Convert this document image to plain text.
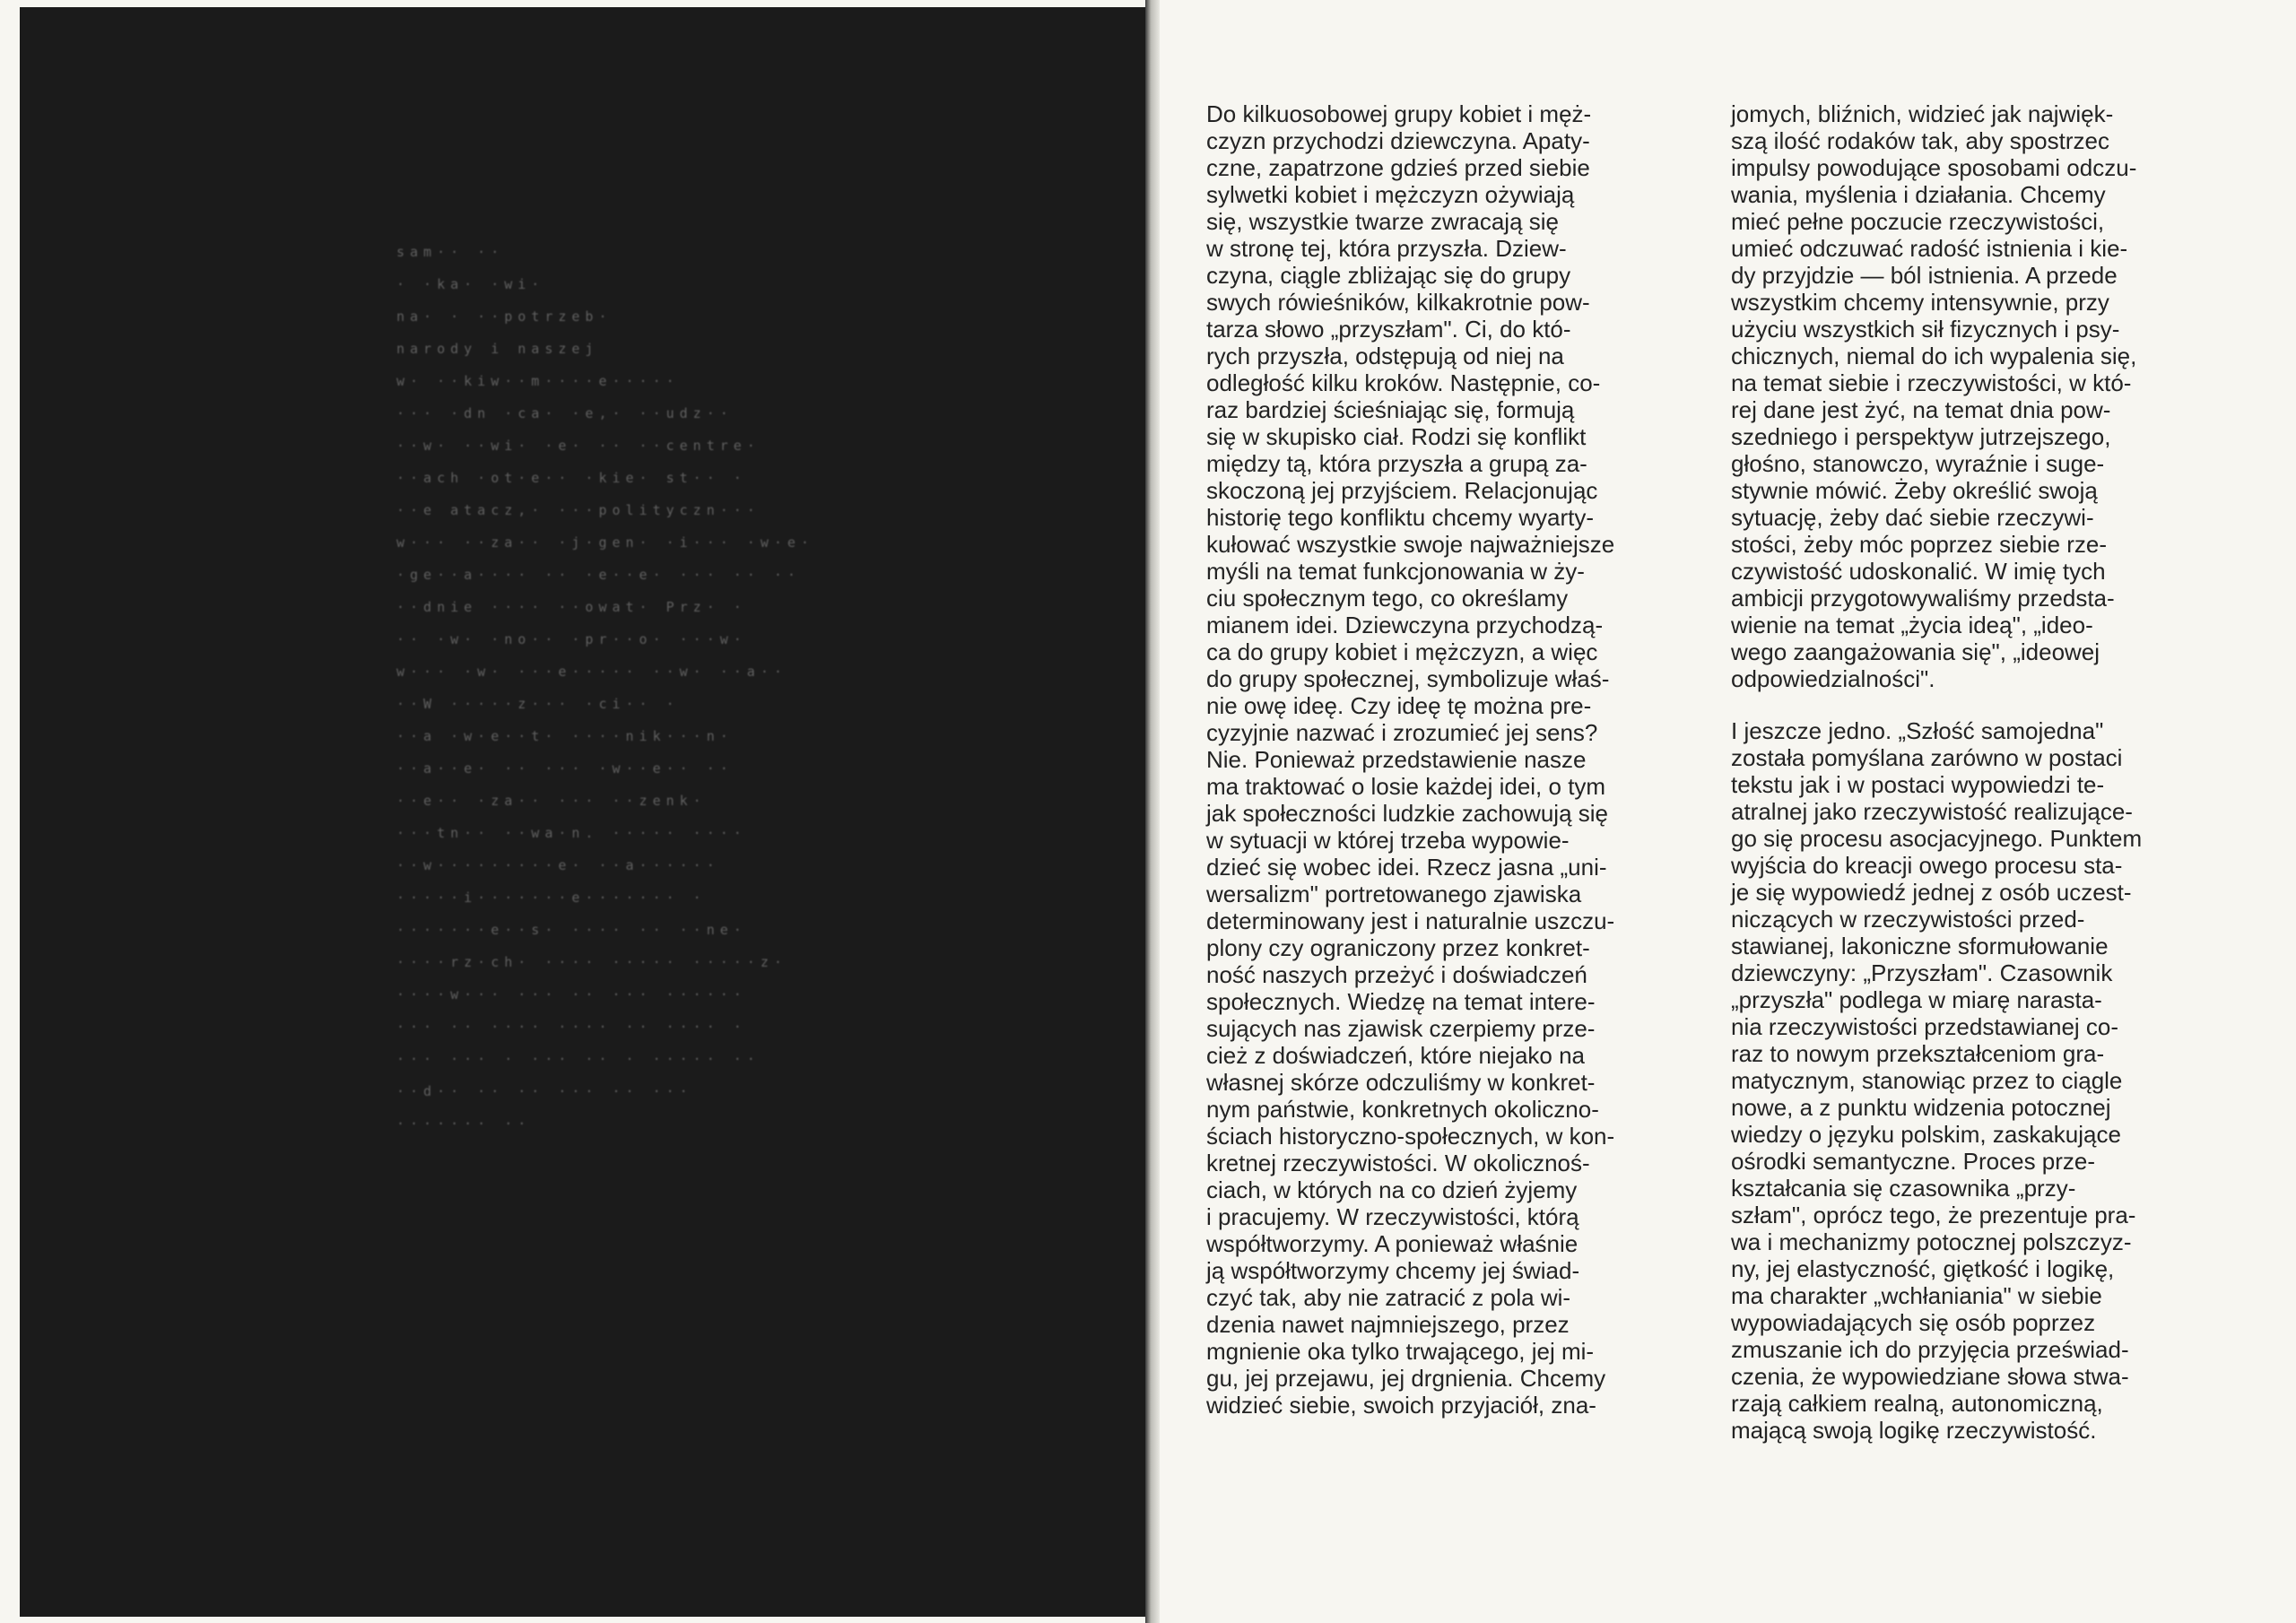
sam·· ··
· ·ka· ·wi·
na· · ··potrzeb·
narody i naszej
w· ··kiw··m····e·····
··· ·dn ·ca· ·e,· ··udz··
··w· ··wi· ·e· ·· ··centre·
··ach ·ot·e·· ·kie· st·· ·
··e atacz,· ···polityczn···
w··· ··za·· ·j·gen· ·i··· ·w·e·
·ge··a···· ·· ·e··e· ··· ·· ··
··dnie ···· ··owat· Prz· ·
·· ·w· ·no·· ·pr··o· ···w·
w··· ·w· ···e····· ··w· ··a··
··W ·····z··· ·ci·· ·
··a ·w·e··t· ····nik···n·
··a··e· ·· ··· ·w··e·· ··
··e·· ·za·· ··· ··zenk·
···tn·· ··wa·n. ····· ····
··w·········e· ··a······
·····i·······e······· ·
·······e··s· ···· ·· ··ne·
····rz·ch· ···· ····· ·····z·
····w··· ··· ·· ··· ······
··· ·· ···· ···· ·· ···· ·
··· ··· · ··· ·· · ····· ··
··d·· ·· ·· ··· ·· ···
······· ··

Do kilkuosobowej grupy kobiet i męż-
czyzn przychodzi dziewczyna. Apaty-
czne, zapatrzone gdzieś przed siebie
sylwetki kobiet i mężczyzn ożywiają
się, wszystkie twarze zwracają się
w stronę tej, która przyszła. Dziew-
czyna, ciągle zbliżając się do grupy
swych rówieśników, kilkakrotnie pow-
tarza słowo „przyszłam". Ci, do któ-
rych przyszła, odstępują od niej na
odległość kilku kroków. Następnie, co-
raz bardziej ścieśniając się, formują
się w skupisko ciał. Rodzi się konflikt
między tą, która przyszła a grupą za-
skoczoną jej przyjściem. Relacjonując
historię tego konfliktu chcemy wyarty-
kułować wszystkie swoje najważniejsze
myśli na temat funkcjonowania w ży-
ciu społecznym tego, co określamy
mianem idei. Dziewczyna przychodzą-
ca do grupy kobiet i mężczyzn, a więc
do grupy społecznej, symbolizuje właś-
nie owę ideę. Czy ideę tę można pre-
cyzyjnie nazwać i zrozumieć jej sens?
Nie. Ponieważ przedstawienie nasze
ma traktować o losie każdej idei, o tym
jak społeczności ludzkie zachowują się
w sytuacji w której trzeba wypowie-
dzieć się wobec idei. Rzecz jasna „uni-
wersalizm" portretowanego zjawiska
determinowany jest i naturalnie uszczu-
plony czy ograniczony przez konkret-
ność naszych przeżyć i doświadczeń
społecznych. Wiedzę na temat intere-
sujących nas zjawisk czerpiemy prze-
cież z doświadczeń, które niejako na
własnej skórze odczuliśmy w konkret-
nym państwie, konkretnych okoliczno-
ściach historyczno-społecznych, w kon-
kretnej rzeczywistości. W okolicznoś-
ciach, w których na co dzień żyjemy
i pracujemy. W rzeczywistości, którą
współtworzymy. A ponieważ właśnie
ją współtworzymy chcemy jej świad-
czyć tak, aby nie zatracić z pola wi-
dzenia nawet najmniejszego, przez
mgnienie oka tylko trwającego, jej mi-
gu, jej przejawu, jej drgnienia. Chcemy
widzieć siebie, swoich przyjaciół, zna-

jomych, bliźnich, widzieć jak najwięk-
szą ilość rodaków tak, aby spostrzec
impulsy powodujące sposobami odczu-
wania, myślenia i działania. Chcemy
mieć pełne poczucie rzeczywistości,
umieć odczuwać radość istnienia i kie-
dy przyjdzie — ból istnienia. A przede
wszystkim chcemy intensywnie, przy
użyciu wszystkich sił fizycznych i psy-
chicznych, niemal do ich wypalenia się,
na temat siebie i rzeczywistości, w któ-
rej dane jest żyć, na temat dnia pow-
szedniego i perspektyw jutrzejszego,
głośno, stanowczo, wyraźnie i suge-
stywnie mówić. Żeby określić swoją
sytuację, żeby dać siebie rzeczywi-
stości, żeby móc poprzez siebie rze-
czywistość udoskonalić. W imię tych
ambicji przygotowywaliśmy przedsta-
wienie na temat „życia ideą", „ideo-
wego zaangażowania się", „ideowej
odpowiedzialności".

I jeszcze jedno. „Szłość samojedna"
została pomyślana zarówno w postaci
tekstu jak i w postaci wypowiedzi te-
atralnej jako rzeczywistość realizujące-
go się procesu asocjacyjnego. Punktem
wyjścia do kreacji owego procesu sta-
je się wypowiedź jednej z osób uczest-
niczących w rzeczywistości przed-
stawianej, lakoniczne sformułowanie
dziewczyny: „Przyszłam". Czasownik
„przyszła" podlega w miarę narasta-
nia rzeczywistości przedstawianej co-
raz to nowym przekształceniom gra-
matycznym, stanowiąc przez to ciągle
nowe, a z punktu widzenia potocznej
wiedzy o języku polskim, zaskakujące
ośrodki semantyczne. Proces prze-
kształcania się czasownika „przy-
szłam", oprócz tego, że prezentuje pra-
wa i mechanizmy potocznej polszczyz-
ny, jej elastyczność, giętkość i logikę,
ma charakter „wchłaniania" w siebie
wypowiadających się osób poprzez
zmuszanie ich do przyjęcia przeświad-
czenia, że wypowiedziane słowa stwa-
rzają całkiem realną, autonomiczną,
mającą swoją logikę rzeczywistość.
